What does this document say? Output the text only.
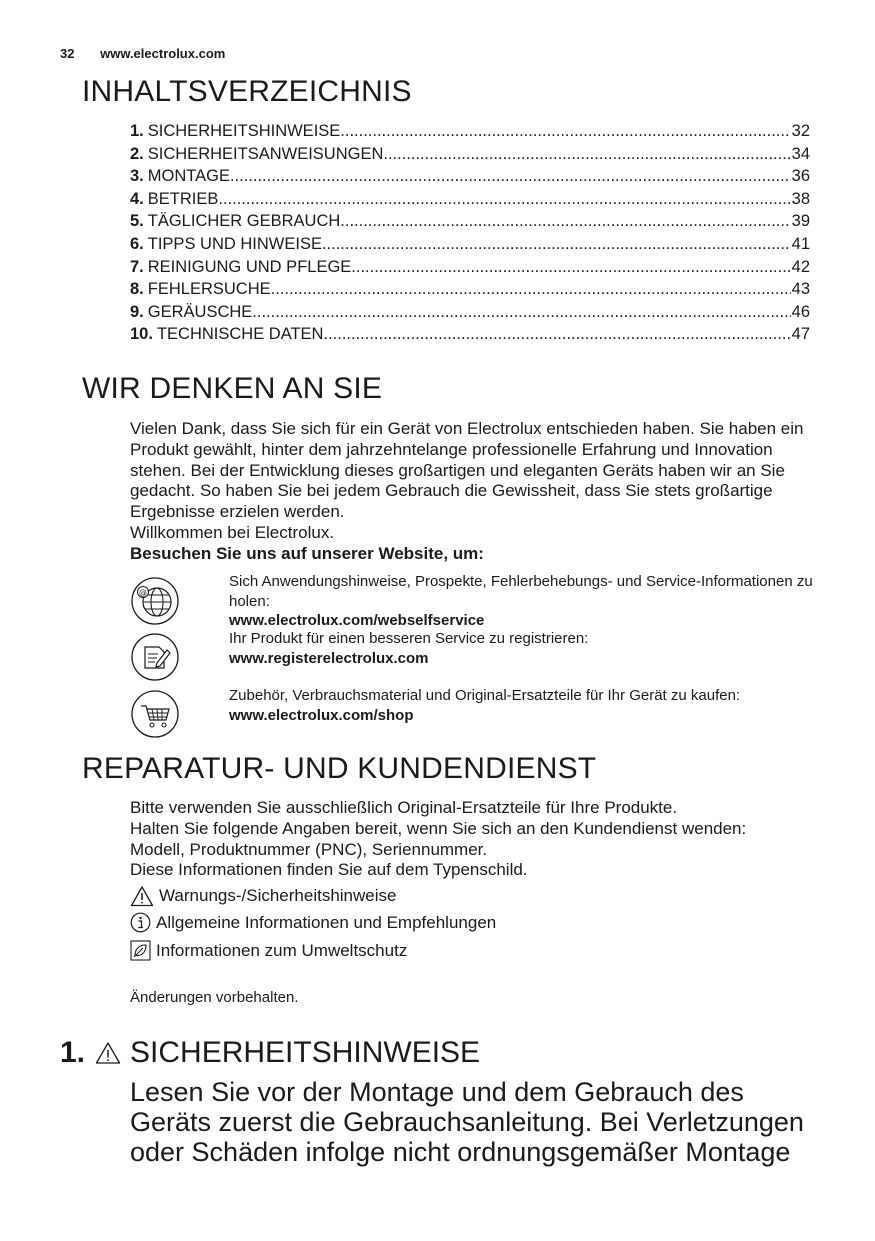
32 www.electrolux.com
INHALTSVERZEICHNIS
1. SICHERHEITSHINWEISE .....	32
2. SICHERHEITSANWEISUNGEN .....	34
3. MONTAGE .....	36
4. BETRIEB .....	38
5. TÄGLICHER GEBRAUCH .....	39
6. TIPPS UND HINWEISE .....	41
7. REINIGUNG UND PFLEGE .....	42
8. FEHLERSUCHE .....	43
9. GERÄUSCHE .....	46
10. TECHNISCHE DATEN .....	47
WIR DENKEN AN SIE

Vielen Dank, dass Sie sich für ein Gerät von Electrolux entschieden haben. Sie haben ein Produkt gewählt, hinter dem jahrzehntelange professionelle Erfahrung und Innovation stehen. Bei der Entwicklung dieses großartigen und eleganten Geräts haben wir an Sie gedacht. So haben Sie bei jedem Gebrauch die Gewissheit, dass Sie stets großartige Ergebnisse erzielen werden.

Willkommen bei Electrolux.

Besuchen Sie uns auf unserer Website, um:

@
Sich Anwendungshinweise, Prospekte, Fehlerbehebungs- und Service-Informationen zu holen:
www.electrolux.com/webselfservice
Ihr Produkt für einen besseren Service zu registrieren:
www.registerelectrolux.com
Zubehör, Verbrauchsmaterial und Original-Ersatzteile für Ihr Gerät zu kaufen:
www.electrolux.com/shop
REPARATUR- UND KUNDENDIENST

Bitte verwenden Sie ausschließlich Original-Ersatzteile für Ihre Produkte.

Halten Sie folgende Angaben bereit, wenn Sie sich an den Kundendienst wenden: Modell, Produktnummer (PNC), Seriennummer.

Diese Informationen finden Sie auf dem Typenschild.

Warnungs-/Sicherheitshinweise
Allgemeine Informationen und Empfehlungen
Informationen zum Umweltschutz
Änderungen vorbehalten.
1. SICHERHEITSHINWEISE
Lesen Sie vor der Montage und dem Gebrauch des Geräts zuerst die Gebrauchsanleitung. Bei Verletzungen oder Schäden infolge nicht ordnungsgemäßer Montage
